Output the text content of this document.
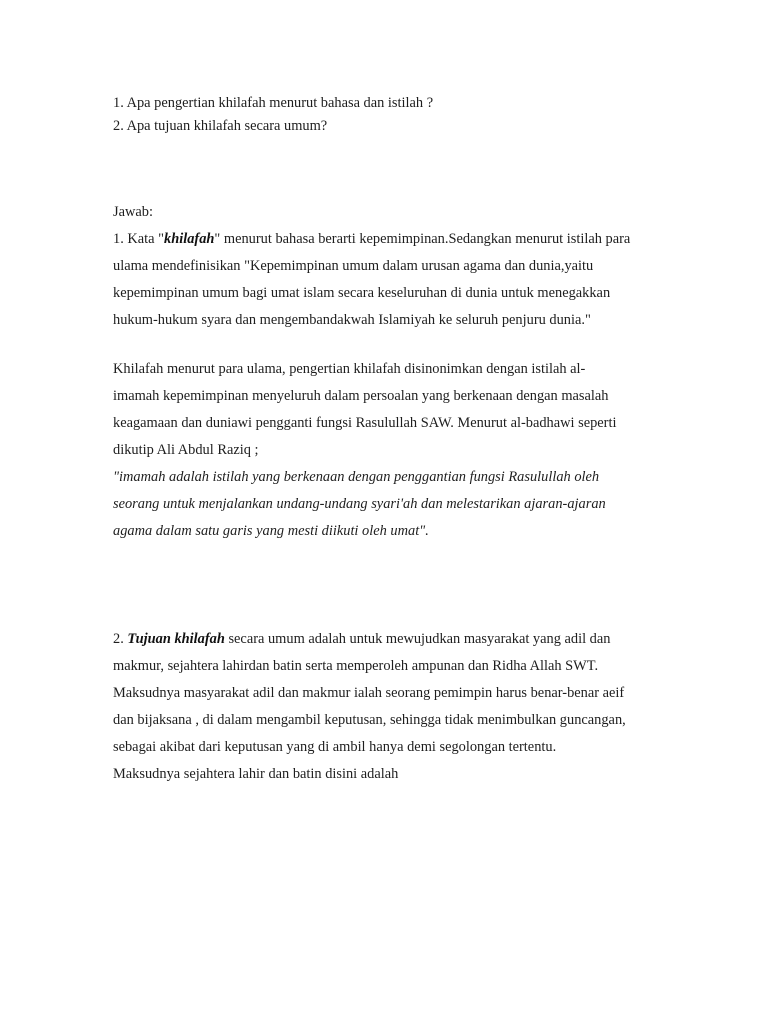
1. Apa pengertian khilafah menurut bahasa dan istilah ?
2. Apa tujuan khilafah secara umum?
Jawab:
1. Kata "khilafah" menurut bahasa berarti kepemimpinan.Sedangkan menurut istilah para
ulama mendefinisikan "Kepemimpinan umum dalam urusan agama dan dunia,yaitu
kepemimpinan umum bagi umat islam secara keseluruhan di dunia untuk menegakkan
hukum-hukum syara dan mengembandakwah Islamiyah ke seluruh penjuru dunia."
Khilafah menurut para ulama, pengertian khilafah disinonimkan dengan istilah al-
imamah kepemimpinan menyeluruh dalam persoalan yang berkenaan dengan masalah
keagamaan dan duniawi pengganti fungsi Rasulullah SAW. Menurut al-badhawi seperti
dikutip Ali Abdul Raziq ;
"imamah adalah istilah yang berkenaan dengan penggantian fungsi Rasulullah oleh
seorang untuk menjalankan undang-undang syari'ah dan melestarikan ajaran-ajaran
agama dalam satu garis yang mesti diikuti oleh umat".
2. Tujuan khilafah secara umum adalah untuk mewujudkan masyarakat yang adil dan
makmur, sejahtera lahirdan batin serta memperoleh ampunan dan Ridha Allah SWT.
Maksudnya masyarakat adil dan makmur ialah seorang pemimpin harus benar-benar aeif
dan bijaksana , di dalam mengambil keputusan, sehingga tidak menimbulkan guncangan,
sebagai akibat dari keputusan yang di ambil hanya demi segolongan tertentu.
Maksudnya sejahtera lahir dan batin disini adalah
